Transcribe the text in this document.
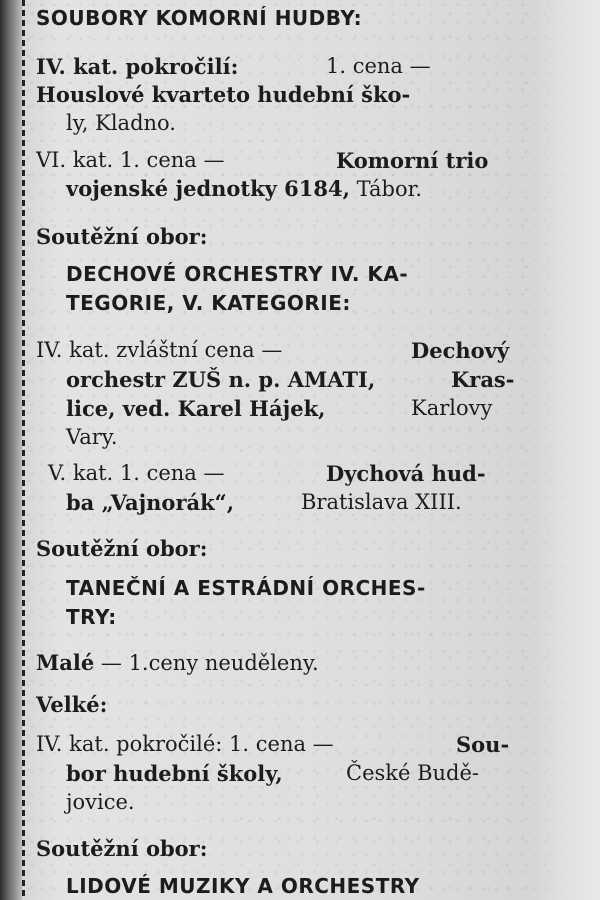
SOUBORY KOMORNÍ HUDBY:
IV. kat. pokročilí:	1. cena —
Houslové kvarteto hudební ško-
ly, Kladno.
VI. kat. 1. cena —	Komorní trio
vojenské jednotky 6184, Tábor.
Soutěžní obor:
DECHOVÉ ORCHESTRY IV. KA-
TEGORIE, V. KATEGORIE:
IV. kat. zvláštní cena —	Dechový
orchestr ZUŠ n. p. AMATI,	Kras-
lice, ved. Karel Hájek,	Karlovy
Vary.
V. kat. 1. cena —	Dychová hud-
ba „Vajnorák“,	Bratislava XIII.
Soutěžní obor:
TANEČNÍ A ESTRÁDNÍ ORCHES-
TRY:
Malé — 1.ceny neuděleny.
Velké:
IV. kat. pokročilé: 1. cena —	Sou-
bor hudební školy,	České Budě-
jovice.
Soutěžní obor:
LIDOVÉ MUZIKY A ORCHESTRY
